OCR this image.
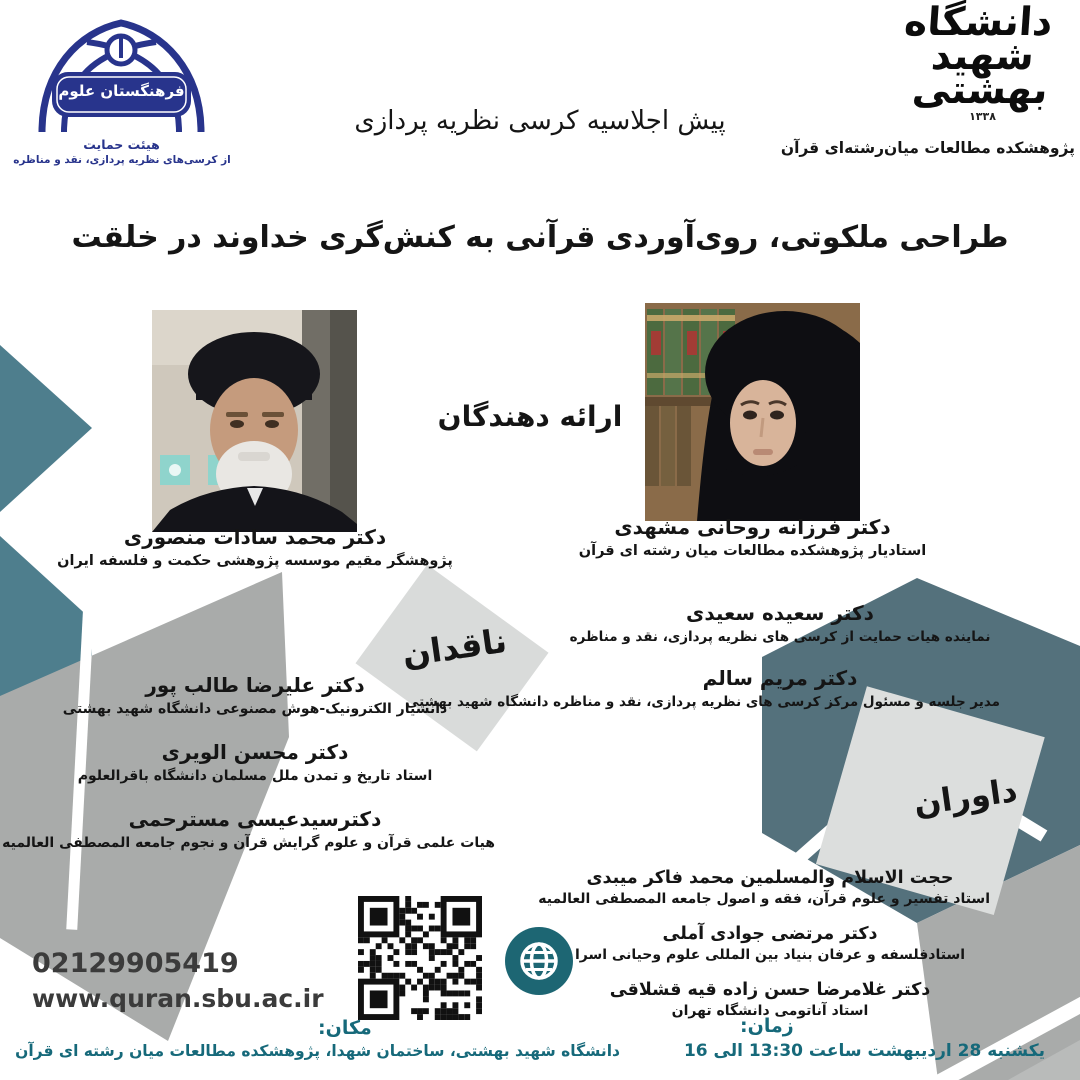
فرهنگستان علوم
هیئت حمایت
از کرسی‌های نظریه پردازی، نقد و مناظره
پیش اجلاسیه کرسی نظریه پردازی
دانشگاه
شهید
بهشتی
۱۳۳۸
پژوهشکده مطالعات میان‌رشته‌ای قرآن
طراحی ملکوتی، روی‌آوردی قرآنی به کنش‌گری خداوند در خلقت
ارائه دهندگان
دکتر محمد سادات منصوری
پژوهشگر مقیم موسسه پژوهشی حکمت و فلسفه ایران
دکتر فرزانه روحانی مشهدی
استادیار پژوهشکده مطالعات میان رشته ای قرآن
دکتر سعیده سعیدی
نماینده هیات حمایت از کرسی های نظریه پردازی، نقد و مناظره
دکتر مریم سالم
مدیر جلسه و مسئول مرکز کرسی های نظریه پردازی، نقد و مناظره دانشگاه شهید بهشتی
ناقدان
دکتر علیرضا طالب پور
دانشیار الکترونیک-هوش مصنوعی دانشگاه شهید بهشتی
دکتر محسن الویری
استاد تاریخ و تمدن ملل مسلمان دانشگاه باقرالعلوم
دکترسیدعیسی مسترحمی
هیات علمی قرآن و علوم گرایش قرآن و نجوم جامعه المصطفی العالمیه
داوران
حجت الاسلام والمسلمین محمد فاکر میبدی
استاد تفسیر و علوم قرآن، فقه و اصول جامعه المصطفی العالمیه
دکتر مرتضی جوادی آملی
استادفلسفه و عرفان بنیاد بین المللی علوم وحیانی اسرا
دکتر غلامرضا حسن زاده قیه قشلاقی
استاد آناتومی دانشگاه تهران
02129905419
www.quran.sbu.ac.ir
مکان:
دانشگاه شهید بهشتی، ساختمان شهدا، پژوهشکده مطالعات میان رشته ای قرآن
زمان:
یکشنبه 28 اردیبهشت ساعت 13:30 الی 16
